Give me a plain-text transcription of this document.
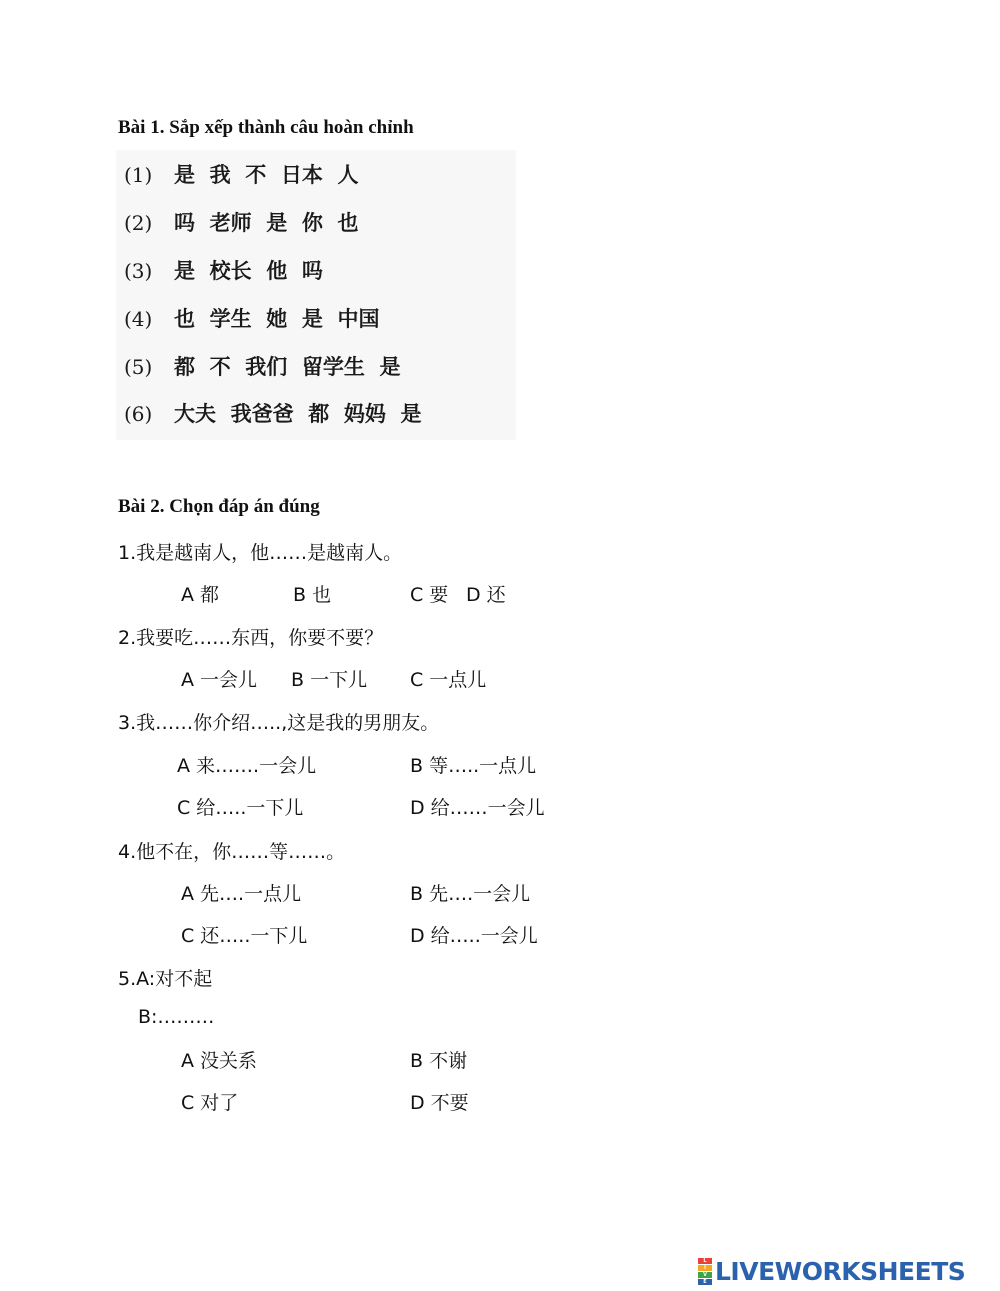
Bài 1. Sắp xếp thành câu hoàn chỉnh
(1) 是  我  不  日本  人
(2) 吗  老师  是  你  也
(3) 是  校长  他  吗
(4) 也  学生  她  是  中国
(5) 都  不  我们  留学生  是
(6) 大夫  我爸爸  都  妈妈  是
Bài 2. Chọn đáp án đúng
1.我是越南人，他……是越南人。
A 都	B 也	C 要 D 还
2.我要吃……东西，你要不要？
A 一会儿 B 一下儿 C 一点儿
3.我……你介绍…..,这是我的男朋友。
A 来…….一会儿	B 等…..一点儿
C 给…..一下儿	D 给……一会儿
4.他不在，你……等……。
A 先….一点儿	B 先….一会儿
C 还…..一下儿	D 给…..一会儿
5.A:对不起
B:………
A 没关系	B 不谢
C 对了	D 不要
L
I
V
E LIVEWORKSHEETS
